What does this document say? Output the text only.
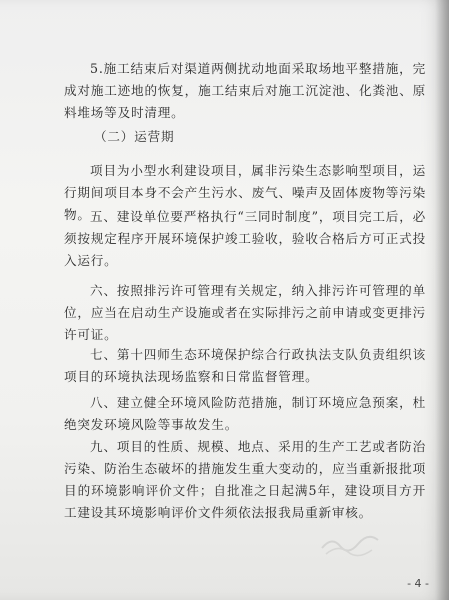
5.施工结束后对渠道两侧扰动地面采取场地平整措施，完成对施工迹地的恢复，施工结束后对施工沉淀池、化粪池、原料堆场等及时清理。

（二）运营期

项目为小型水利建设项目，属非污染生态影响型项目，运行期间项目本身不会产生污水、废气、噪声及固体废物等污染物。 五、建设单位要严格执行“三同时制度”，项目完工后，必须按规定程序开展环境保护竣工验收，验收合格后方可正式投入运行。

六、按照排污许可管理有关规定，纳入排污许可管理的单位，应当在启动生产设施或者在实际排污之前申请或变更排污许可证。

七、第十四师生态环境保护综合行政执法支队负责组织该项目的环境执法现场监察和日常监督管理。

八、建立健全环境风险防范措施，制订环境应急预案，杜绝突发环境风险等事故发生。

九、项目的性质、规模、地点、采用的生产工艺或者防治污染、防治生态破坏的措施发生重大变动的，应当重新报批项目的环境影响评价文件；自批准之日起满5年，建设项目方开工建设其环境影响评价文件须依法报我局重新审核。

- 4 -
